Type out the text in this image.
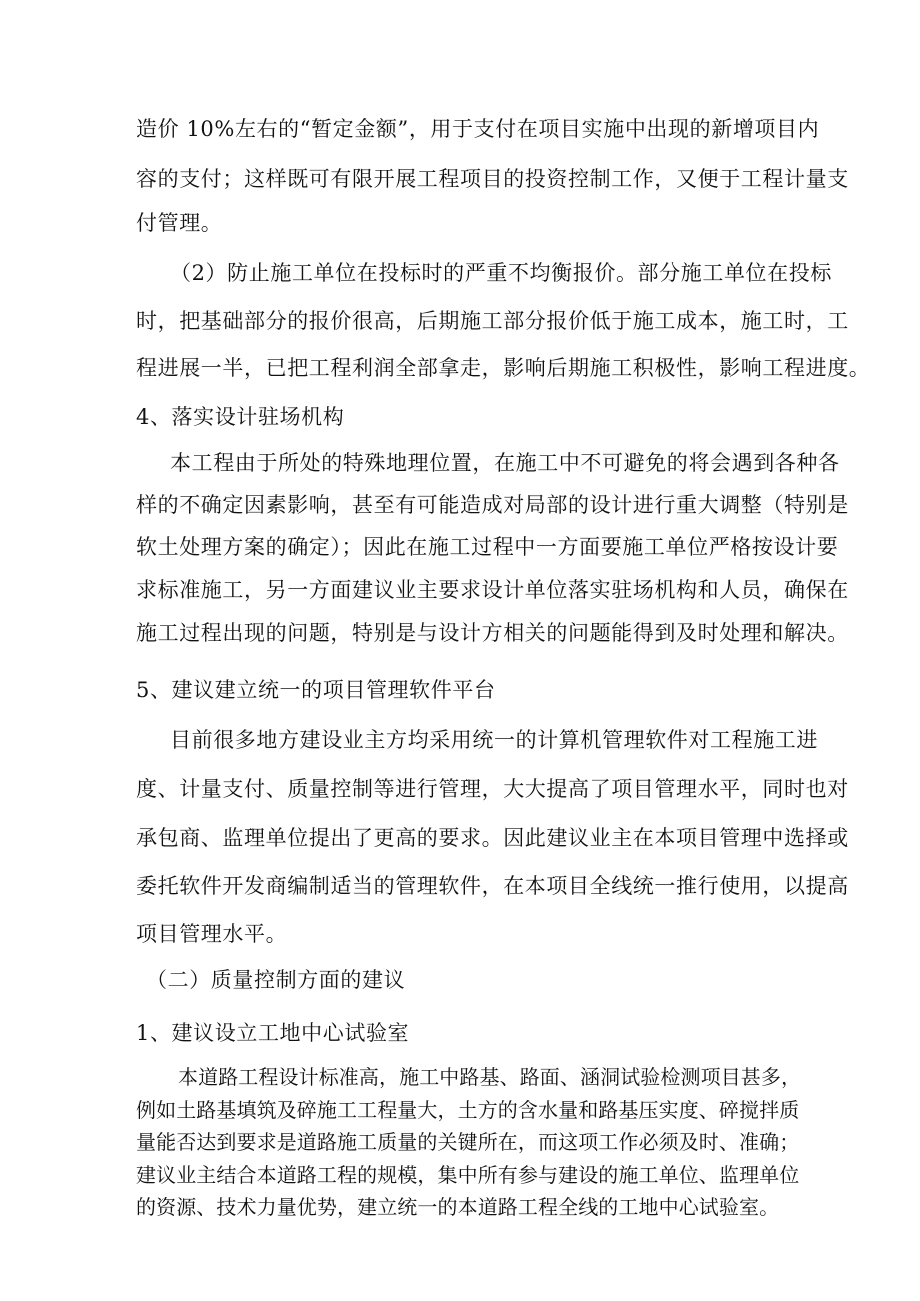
造价 10%左右的“暂定金额”，用于支付在项目实施中出现的新增项目内
容的支付；这样既可有限开展工程项目的投资控制工作，又便于工程计量支
付管理。
（2）防止施工单位在投标时的严重不均衡报价。部分施工单位在投标
时，把基础部分的报价很高，后期施工部分报价低于施工成本，施工时，工
程进展一半，已把工程利润全部拿走，影响后期施工积极性，影响工程进度。
4、落实设计驻场机构
本工程由于所处的特殊地理位置，在施工中不可避免的将会遇到各种各
样的不确定因素影响，甚至有可能造成对局部的设计进行重大调整（特别是
软土处理方案的确定）；因此在施工过程中一方面要施工单位严格按设计要
求标准施工，另一方面建议业主要求设计单位落实驻场机构和人员，确保在
施工过程出现的问题，特别是与设计方相关的问题能得到及时处理和解决。
5、建议建立统一的项目管理软件平台
目前很多地方建设业主方均采用统一的计算机管理软件对工程施工进
度、计量支付、质量控制等进行管理，大大提高了项目管理水平，同时也对
承包商、监理单位提出了更高的要求。因此建议业主在本项目管理中选择或
委托软件开发商编制适当的管理软件，在本项目全线统一推行使用，以提高
项目管理水平。
（二）质量控制方面的建议
1、建议设立工地中心试验室
本道路工程设计标准高，施工中路基、路面、涵洞试验检测项目甚多，
例如土路基填筑及碎施工工程量大，土方的含水量和路基压实度、碎搅拌质
量能否达到要求是道路施工质量的关键所在，而这项工作必须及时、准确；
建议业主结合本道路工程的规模，集中所有参与建设的施工单位、监理单位
的资源、技术力量优势，建立统一的本道路工程全线的工地中心试验室。
